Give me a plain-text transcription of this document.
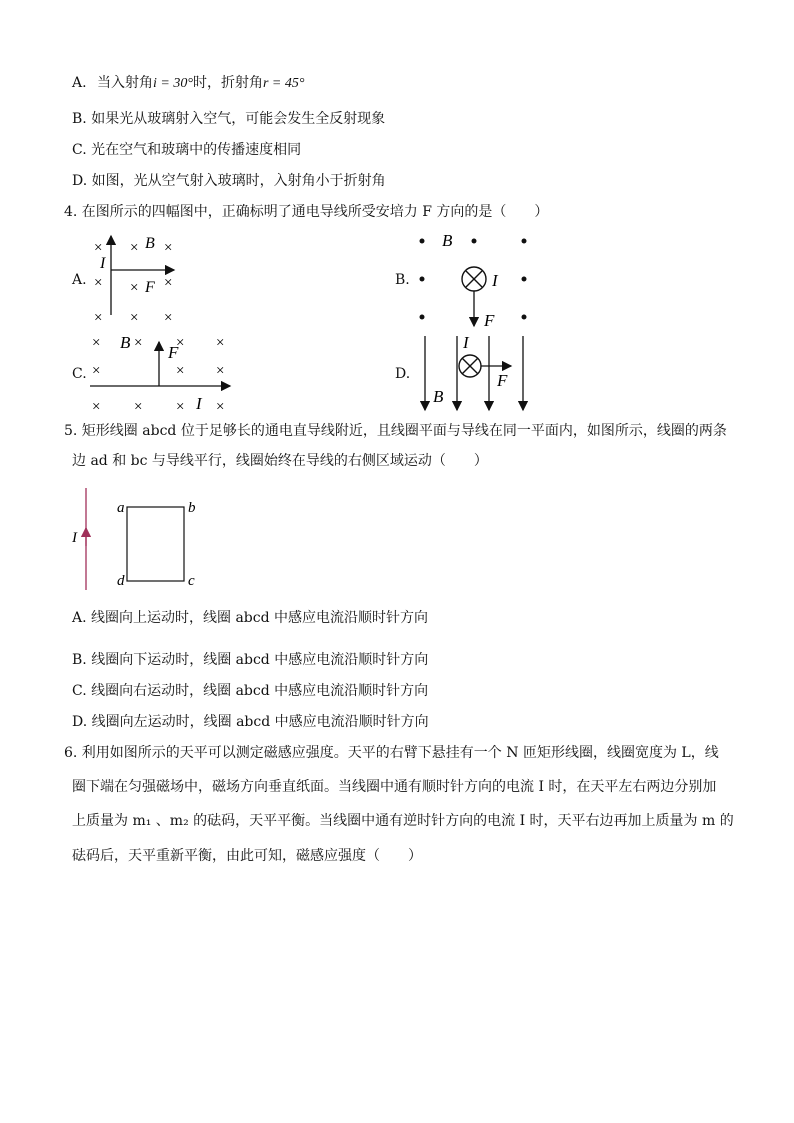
A. 当入射角i = 30°时，折射角r = 45°
B. 如果光从玻璃射入空气，可能会发生全反射现象
C. 光在空气和玻璃中的传播速度相同
D. 如图，光从空气射入玻璃时，入射角小于折射角
4. 在图所示的四幅图中，正确标明了通电导线所受安培力 F 方向的是（　　）
A.	B.
C.	D.
× × ×
× × ×
× × ×
B
I
F
B
I
F
× × × ×
×	× ×
× × × ×
B
F
I
I
F
B
5. 矩形线圈 abcd 位于足够长的通电直导线附近，且线圈平面与导线在同一平面内，如图所示，线圈的两条
边 ad 和 bc 与导线平行，线圈始终在导线的右侧区域运动（　　）
I
a	b
d	c
A. 线圈向上运动时，线圈 abcd 中感应电流沿顺时针方向
B. 线圈向下运动时，线圈 abcd 中感应电流沿顺时针方向
C. 线圈向右运动时，线圈 abcd 中感应电流沿顺时针方向
D. 线圈向左运动时，线圈 abcd 中感应电流沿顺时针方向
6. 利用如图所示的天平可以测定磁感应强度。天平的右臂下悬挂有一个 N 匝矩形线圈，线圈宽度为 L，线
圈下端在匀强磁场中，磁场方向垂直纸面。当线圈中通有顺时针方向的电流 I 时，在天平左右两边分别加
上质量为 m₁ 、m₂ 的砝码，天平平衡。当线圈中通有逆时针方向的电流 I 时，天平右边再加上质量为 m 的
砝码后，天平重新平衡，由此可知，磁感应强度（　　）
